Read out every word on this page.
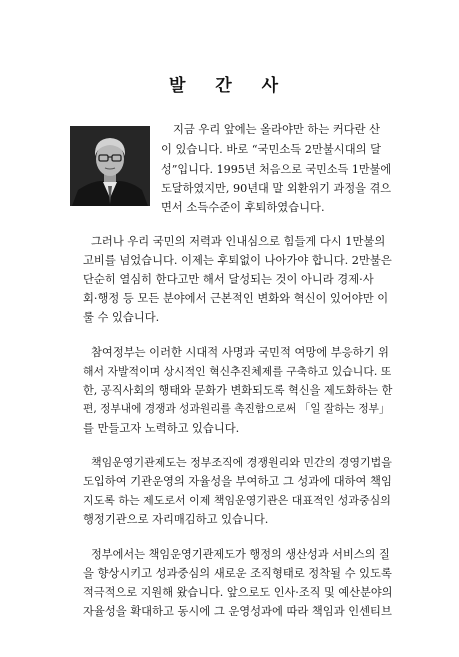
발 간 사
지금 우리 앞에는 올라야만 하는 커다란 산
이 있습니다. 바로 “국민소득 2만불시대의 달
성”입니다. 1995년 처음으로 국민소득 1만불에
도달하였지만, 90년대 말 외환위기 과정을 겪으
면서 소득수준이 후퇴하였습니다.
그러나 우리 국민의 저력과 인내심으로 힘들게 다시 1만불의
고비를 넘었습니다. 이제는 후퇴없이 나아가야 합니다. 2만불은
단순히 열심히 한다고만 해서 달성되는 것이 아니라 경제·사
회·행정 등 모든 분야에서 근본적인 변화와 혁신이 있어야만 이
룰 수 있습니다.
참여정부는 이러한 시대적 사명과 국민적 여망에 부응하기 위
해서 자발적이며 상시적인 혁신추진체제를 구축하고 있습니다. 또
한, 공직사회의 행태와 문화가 변화되도록 혁신을 제도화하는 한
편, 정부내에 경쟁과 성과원리를 촉진함으로써 「일 잘하는 정부」
를 만들고자 노력하고 있습니다.
책임운영기관제도는 정부조직에 경쟁원리와 민간의 경영기법을
도입하여 기관운영의 자율성을 부여하고 그 성과에 대하여 책임
지도록 하는 제도로서 이제 책임운영기관은 대표적인 성과중심의
행정기관으로 자리매김하고 있습니다.
정부에서는 책임운영기관제도가 행정의 생산성과 서비스의 질
을 향상시키고 성과중심의 새로운 조직형태로 정착될 수 있도록
적극적으로 지원해 왔습니다. 앞으로도 인사·조직 및 예산분야의
자율성을 확대하고 동시에 그 운영성과에 따라 책임과 인센티브
